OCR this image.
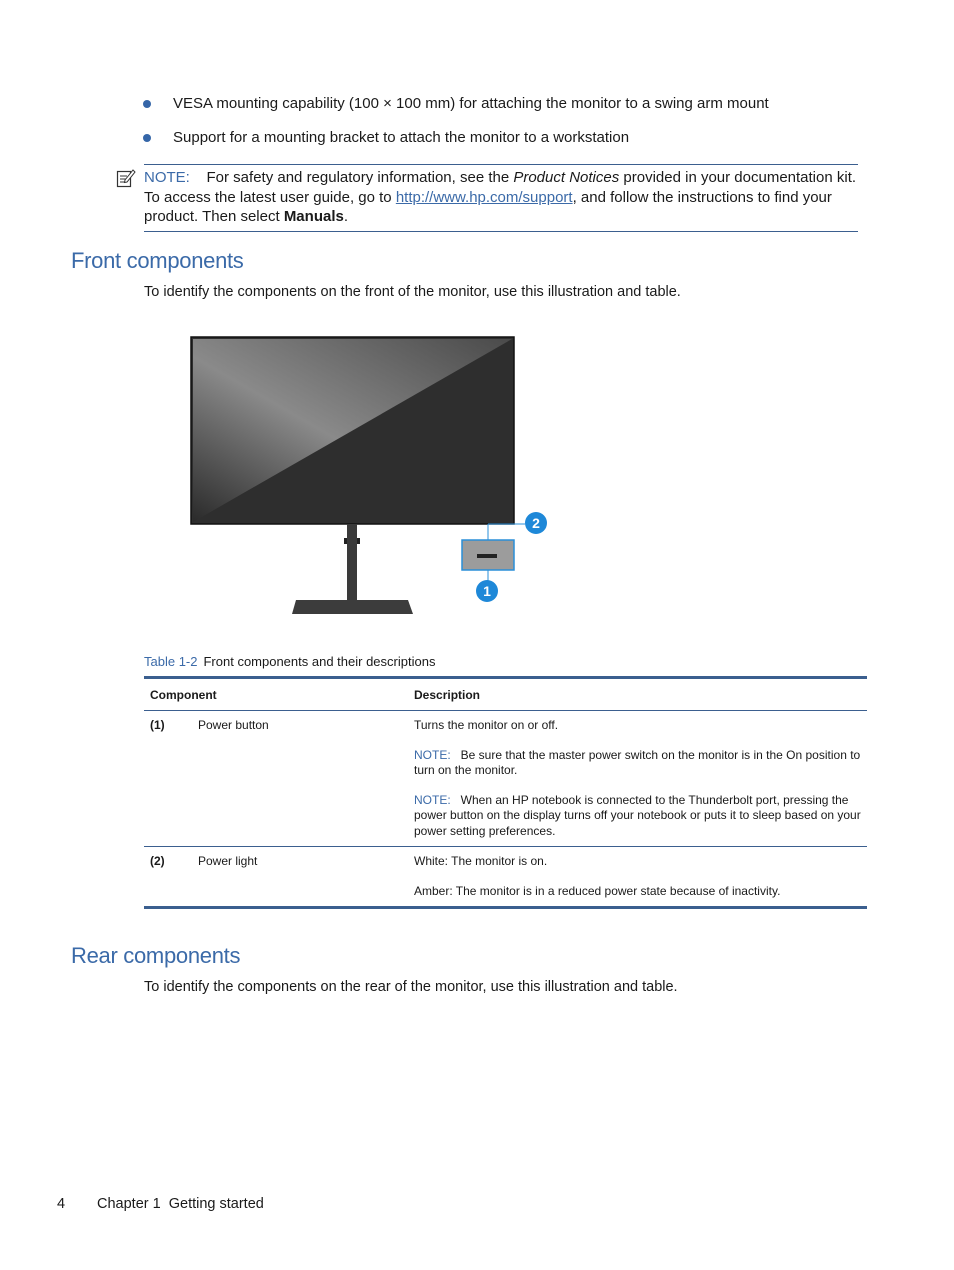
VESA mounting capability (100 × 100 mm) for attaching the monitor to a swing arm mount
Support for a mounting bracket to attach the monitor to a workstation
NOTE: For safety and regulatory information, see the Product Notices provided in your documentation kit. To access the latest user guide, go to http://www.hp.com/support, and follow the instructions to find your product. Then select Manuals.
Front components

To identify the components on the front of the monitor, use this illustration and table.

2
1
Table 1-2 Front components and their descriptions
Component		Description
(1)	Power button	Turns the monitor on or off.

NOTE: Be sure that the master power switch on the monitor is in the On position to turn on the monitor.

NOTE: When an HP notebook is connected to the Thunderbolt port, pressing the power button on the display turns off your notebook or puts it to sleep based on your power setting preferences.

(2)	Power light	White: The monitor is on.

Amber: The monitor is in a reduced power state because of inactivity.

Rear components

To identify the components on the rear of the monitor, use this illustration and table.

4 Chapter 1  Getting started
